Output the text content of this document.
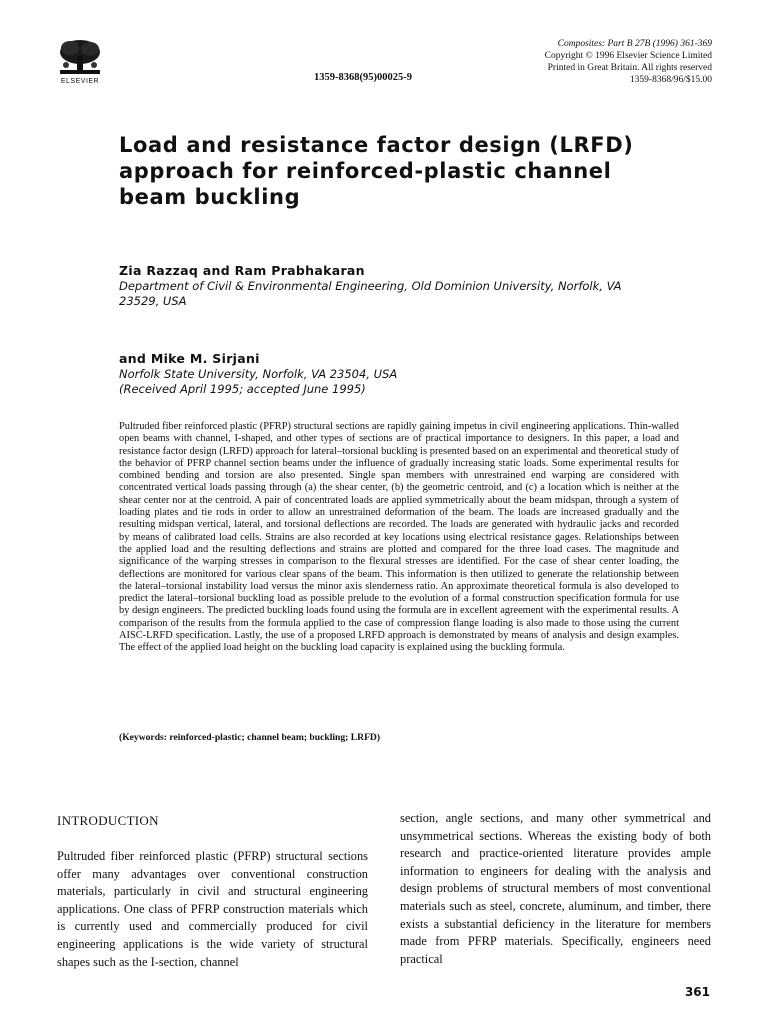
ELSEVIER	1359-8368(95)00025-9
Composites: Part B 27B (1996) 361-369
Copyright © 1996 Elsevier Science Limited
Printed in Great Britain. All rights reserved
1359-8368/96/$15.00
Load and resistance factor design (LRFD) approach for reinforced-plastic channel beam buckling
Zia Razzaq and Ram Prabhakaran
Department of Civil & Environmental Engineering, Old Dominion University, Norfolk, VA 23529, USA
and Mike M. Sirjani
Norfolk State University, Norfolk, VA 23504, USA
(Received April 1995; accepted June 1995)

Pultruded fiber reinforced plastic (PFRP) structural sections are rapidly gaining impetus in civil engineering applications. Thin-walled open beams with channel, I-shaped, and other types of sections are of practical importance to designers. In this paper, a load and resistance factor design (LRFD) approach for lateral–torsional buckling is presented based on an experimental and theoretical study of the behavior of PFRP channel section beams under the influence of gradually increasing static loads. Some experimental results for combined bending and torsion are also presented. Single span members with unrestrained end warping are considered with concentrated vertical loads passing through (a) the shear center, (b) the geometric centroid, and (c) a location which is neither at the shear center nor at the centroid. A pair of concentrated loads are applied symmetrically about the beam midspan, through a system of loading plates and tie rods in order to allow an unrestrained deformation of the beam. The loads are increased gradually and the resulting midspan vertical, lateral, and torsional deflections are recorded. The loads are generated with hydraulic jacks and recorded by means of calibrated load cells. Strains are also recorded at key locations using electrical resistance gages. Relationships between the applied load and the resulting deflections and strains are plotted and compared for the three load cases. The magnitude and significance of the warping stresses in comparison to the flexural stresses are identified. For the case of shear center loading, the deflections are monitored for various clear spans of the beam. This information is then utilized to generate the relationship between the lateral–torsional instability load versus the minor axis slenderness ratio. An approximate theoretical formula is also developed to predict the lateral–torsional buckling load as possible prelude to the evolution of a formal construction specification formula for use by design engineers. The predicted buckling loads found using the formula are in excellent agreement with the experimental results. A comparison of the results from the formula applied to the case of compression flange loading is also made to those using the current AISC-LRFD specification. Lastly, the use of a proposed LRFD approach is demonstrated by means of analysis and design examples. The effect of the applied load height on the buckling load capacity is explained using the buckling formula.

(Keywords: reinforced-plastic; channel beam; buckling; LRFD)
INTRODUCTION

Pultruded fiber reinforced plastic (PFRP) structural sections offer many advantages over conventional construction materials, particularly in civil and structural engineering applications. One class of PFRP construction materials which is currently used and commercially produced for civil engineering applications is the wide variety of structural shapes such as the I-section, channel

section, angle sections, and many other symmetrical and unsymmetrical sections. Whereas the existing body of both research and practice-oriented literature provides ample information to engineers for dealing with the analysis and design problems of structural members of most conventional materials such as steel, concrete, aluminum, and timber, there exists a substantial deficiency in the literature for members made from PFRP materials. Specifically, engineers need practical

361
